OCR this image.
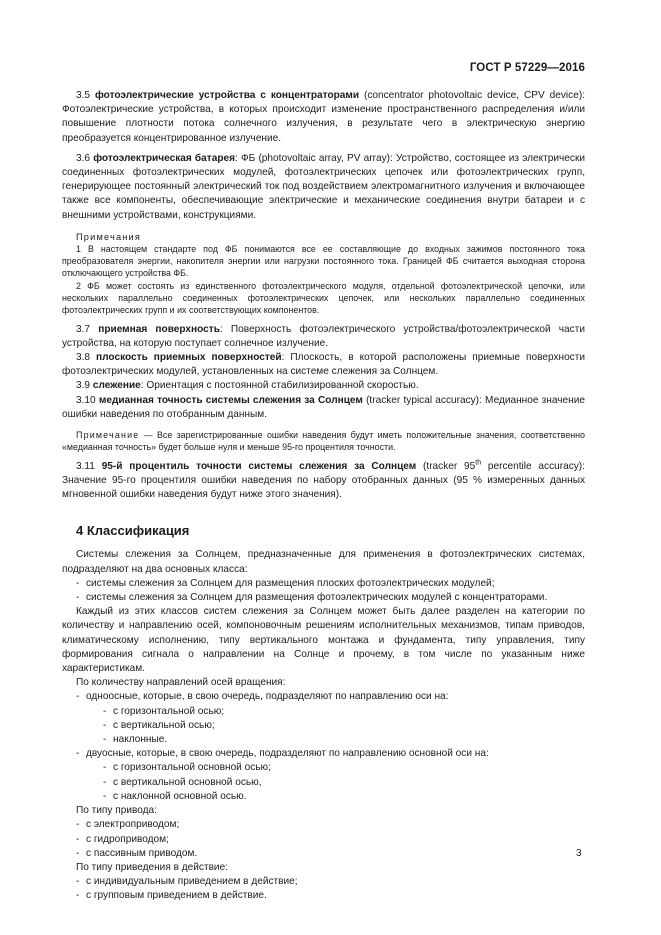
ГОСТ Р 57229—2016

3.5 фотоэлектрические устройства с концентраторами (concentrator photovoltaic device, CPV device): Фотоэлектрические устройства, в которых происходит изменение пространственного распределения и/или повышение плотности потока солнечного излучения, в результате чего в электрическую энергию преобразуется концентрированное излучение.

3.6 фотоэлектрическая батарея: ФБ (photovoltaic array, PV array): Устройство, состоящее из электрически соединенных фотоэлектрических модулей, фотоэлектрических цепочек или фотоэлектрических групп, генерирующее постоянный электрический ток под воздействием электромагнитного излучения и включающее также все компоненты, обеспечивающие электрические и механические соединения внутри батареи и с внешними устройствами, конструкциями.

Примечания

1 В настоящем стандарте под ФБ понимаются все ее составляющие до входных зажимов постоянного тока преобразователя энергии, накопителя энергии или нагрузки постоянного тока. Границей ФБ считается выходная сторона отключающего устройства ФБ.

2 ФБ может состоять из единственного фотоэлектрического модуля, отдельной фотоэлектрической цепочки, или нескольких параллельно соединенных фотоэлектрических цепочек, или нескольких параллельно соединенных фотоэлектрических групп и их соответствующих компонентов.

3.7 приемная поверхность: Поверхность фотоэлектрического устройства/фотоэлектрической части устройства, на которую поступает солнечное излучение.

3.8 плоскость приемных поверхностей: Плоскость, в которой расположены приемные поверхности фотоэлектрических модулей, установленных на системе слежения за Солнцем.

3.9 слежение: Ориентация с постоянной стабилизированной скоростью.

3.10 медианная точность системы слежения за Солнцем (tracker typical accuracy): Медианное значение ошибки наведения по отобранным данным.

Примечание — Все зарегистрированные ошибки наведения будут иметь положительные значения, соответственно «медианная точность» будет больше нуля и меньше 95-го процентиля точности.

3.11 95-й процентиль точности системы слежения за Солнцем (tracker 95th percentile accuracy): Значение 95-го процентиля ошибки наведения по набору отобранных данных (95 % измеренных данных мгновенной ошибки наведения будут ниже этого значения).

4 Классификация

Системы слежения за Солнцем, предназначенные для применения в фотоэлектрических системах, подразделяют на два основных класса:

- системы слежения за Солнцем для размещения плоских фотоэлектрических модулей;

- системы слежения за Солнцем для размещения фотоэлектрических модулей с концентраторами.

Каждый из этих классов систем слежения за Солнцем может быть далее разделен на категории по количеству и направлению осей, компоновочным решениям исполнительных механизмов, типам приводов, климатическому исполнению, типу вертикального монтажа и фундамента, типу управления, типу формирования сигнала о направлении на Солнце и прочему, в том числе по указанным ниже характеристикам.

По количеству направлений осей вращения:

- одноосные, которые, в свою очередь, подразделяют по направлению оси на:

- с горизонтальной осью;

- с вертикальной осью;

- наклонные.

- двуосные, которые, в свою очередь, подразделяют по направлению основной оси на:

- с горизонтальной основной осью;

- с вертикальной основной осью,

- с наклонной основной осью.

По типу привода:

- с электроприводом;

- с гидроприводом;

- с пассивным приводом.

По типу приведения в действие:

- с индивидуальным приведением в действие;

- с групповым приведением в действие.

3
